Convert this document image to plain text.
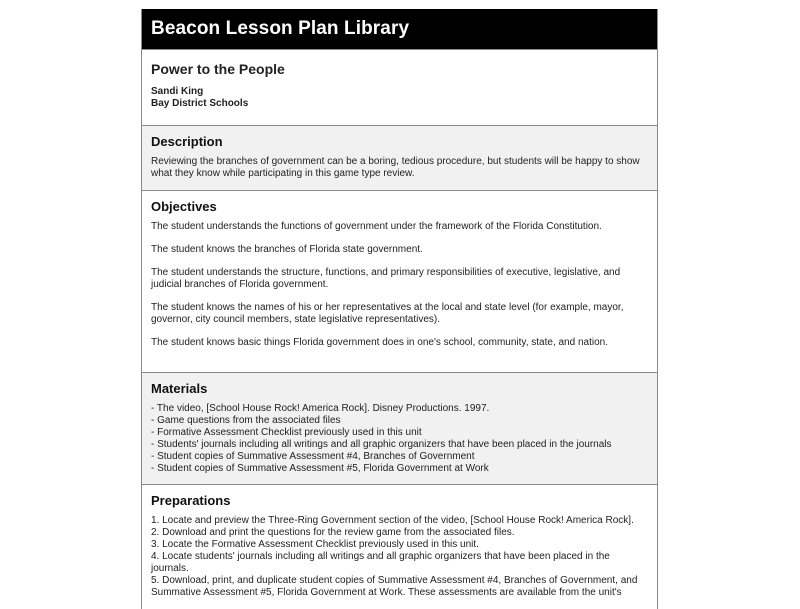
Beacon Lesson Plan Library
Power to the People
Sandi King
Bay District Schools
Description

Reviewing the branches of government can be a boring, tedious procedure, but students will be happy to show what they know while participating in this game type review.

Objectives

The student understands the functions of government under the framework of the Florida Constitution.

The student knows the branches of Florida state government.

The student understands the structure, functions, and primary responsibilities of executive, legislative, and judicial branches of Florida government.

The student knows the names of his or her representatives at the local and state level (for example, mayor, governor, city council members, state legislative representatives).

The student knows basic things Florida government does in one's school, community, state, and nation.

Materials
- The video, [School House Rock! America Rock]. Disney Productions. 1997.
- Game questions from the associated files
- Formative Assessment Checklist previously used in this unit
- Students' journals including all writings and all graphic organizers that have been placed in the journals
- Student copies of Summative Assessment #4, Branches of Government
- Student copies of Summative Assessment #5, Florida Government at Work
Preparations
1. Locate and preview the Three-Ring Government section of the video, [School House Rock! America Rock].
2. Download and print the questions for the review game from the associated files.
3. Locate the Formative Assessment Checklist previously used in this unit.
4. Locate students' journals including all writings and all graphic organizers that have been placed in the journals.
5. Download, print, and duplicate student copies of Summative Assessment #4, Branches of Government, and Summative Assessment #5, Florida Government at Work. These assessments are available from the unit's
